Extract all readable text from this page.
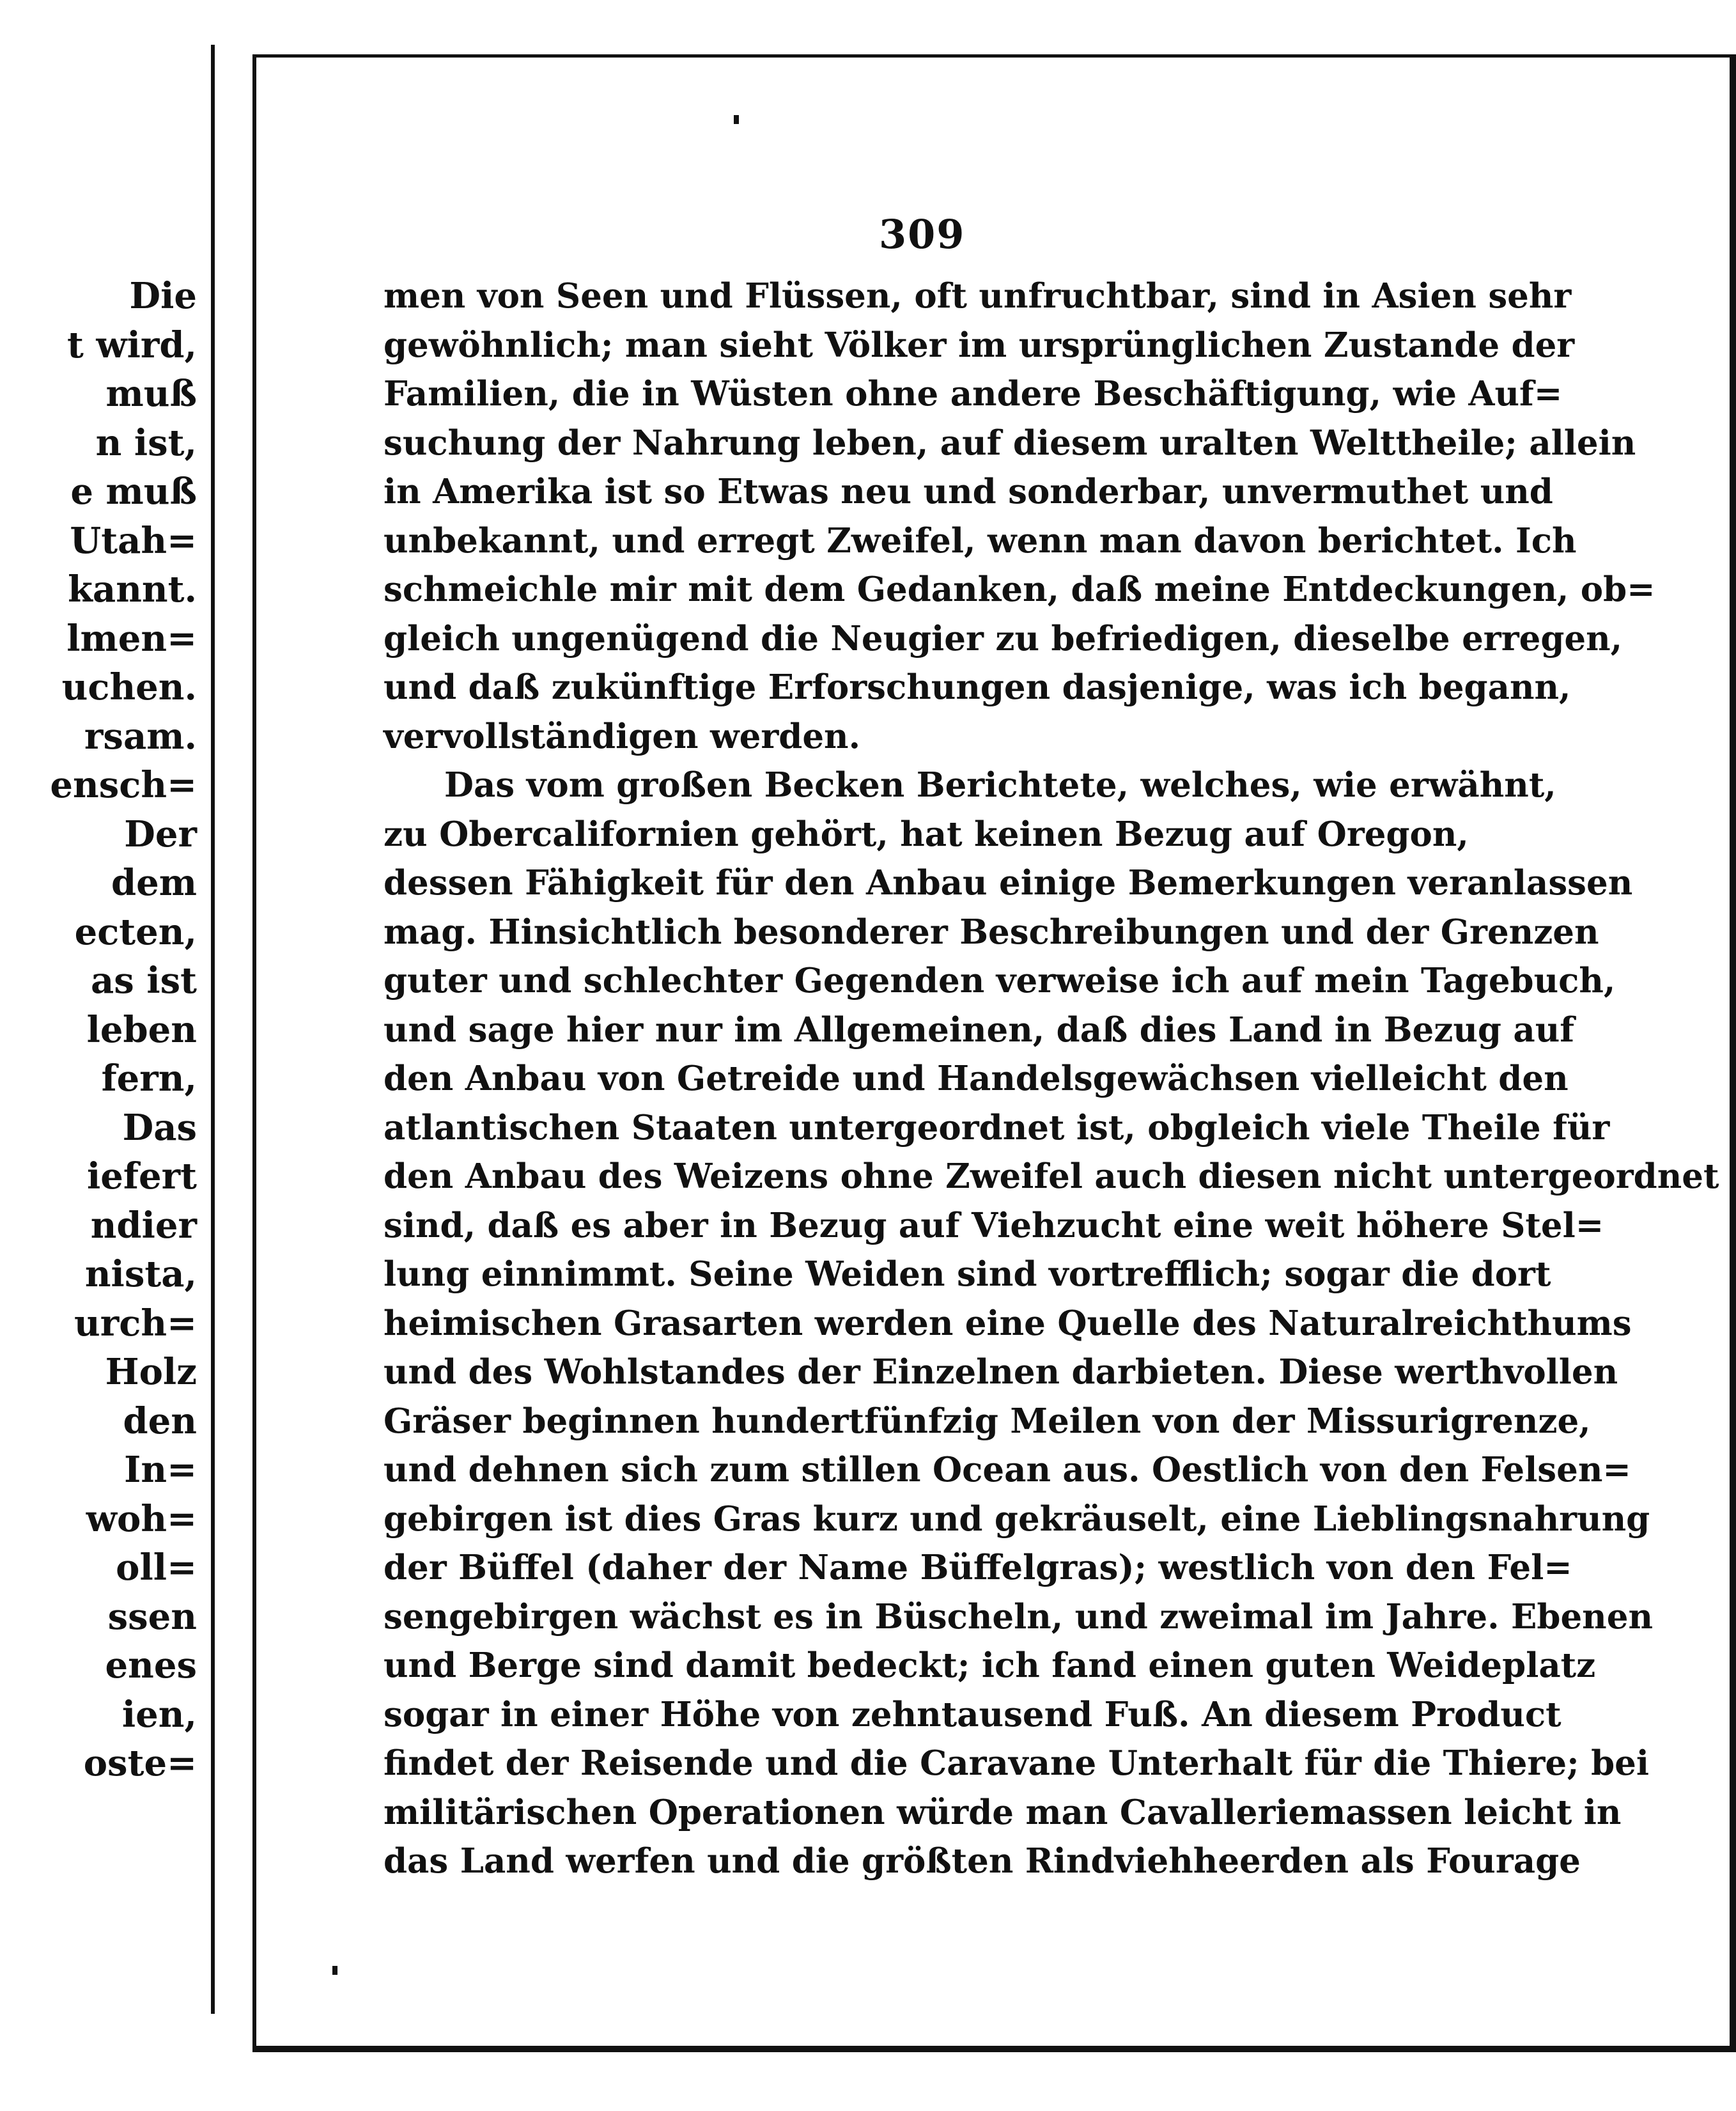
Die
t wird,
muß
n ist,
e muß
Utah=
kannt.
lmen=
uchen.
rsam.
ensch=
Der
dem
ecten,
as ist
leben
fern,
Das
iefert
ndier
nista,
urch=
Holz
den
In=
woh=
oll=
ssen
enes
ien,
oste=
309
men von Seen und Flüssen, oft unfruchtbar, sind in Asien sehr
gewöhnlich; man sieht Völker im ursprünglichen Zustande der
Familien, die in Wüsten ohne andere Beschäftigung, wie Auf=
suchung der Nahrung leben, auf diesem uralten Welttheile; allein
in Amerika ist so Etwas neu und sonderbar, unvermuthet und
unbekannt, und erregt Zweifel, wenn man davon berichtet. Ich
schmeichle mir mit dem Gedanken, daß meine Entdeckungen, ob=
gleich ungenügend die Neugier zu befriedigen, dieselbe erregen,
und daß zukünftige Erforschungen dasjenige, was ich begann,
vervollständigen werden.
Das vom großen Becken Berichtete, welches, wie erwähnt,
zu Obercalifornien gehört, hat keinen Bezug auf Oregon,
dessen Fähigkeit für den Anbau einige Bemerkungen veranlassen
mag. Hinsichtlich besonderer Beschreibungen und der Grenzen
guter und schlechter Gegenden verweise ich auf mein Tagebuch,
und sage hier nur im Allgemeinen, daß dies Land in Bezug auf
den Anbau von Getreide und Handelsgewächsen vielleicht den
atlantischen Staaten untergeordnet ist, obgleich viele Theile für
den Anbau des Weizens ohne Zweifel auch diesen nicht untergeordnet
sind, daß es aber in Bezug auf Viehzucht eine weit höhere Stel=
lung einnimmt. Seine Weiden sind vortrefflich; sogar die dort
heimischen Grasarten werden eine Quelle des Naturalreichthums
und des Wohlstandes der Einzelnen darbieten. Diese werthvollen
Gräser beginnen hundertfünfzig Meilen von der Missurigrenze,
und dehnen sich zum stillen Ocean aus. Oestlich von den Felsen=
gebirgen ist dies Gras kurz und gekräuselt, eine Lieblingsnahrung
der Büffel (daher der Name Büffelgras); westlich von den Fel=
sengebirgen wächst es in Büscheln, und zweimal im Jahre. Ebenen
und Berge sind damit bedeckt; ich fand einen guten Weideplatz
sogar in einer Höhe von zehntausend Fuß. An diesem Product
findet der Reisende und die Caravane Unterhalt für die Thiere; bei
militärischen Operationen würde man Cavalleriemassen leicht in
das Land werfen und die größten Rindviehheerden als Fourage
